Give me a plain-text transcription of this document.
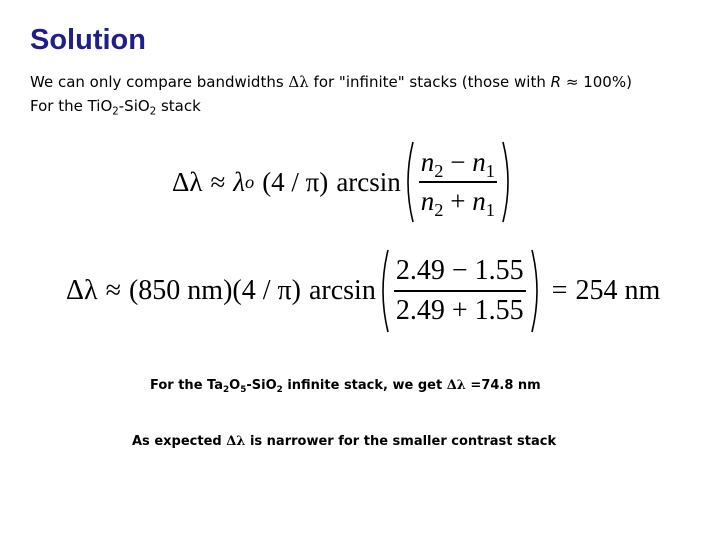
Solution
We can only compare bandwidths Δλ for "infinite" stacks (those with R ≈ 100%)
For the TiO$_2$-SiO$_2$ stack
Δλ ≈ λ o (4 / π) $\arcsin \frac{n_2 - n_1}{n_2 + n_1}$
Δλ ≈ (850 nm) (4 / π) $\arcsin \frac{2.49 - 1.55}{2.49 + 1.55} = 254$ nm
For the $Ta_2O_5-SiO_2$ infinite stack, we get Δλ =74.8 nm
As expected Δλ is narrower for the smaller contrast stack
